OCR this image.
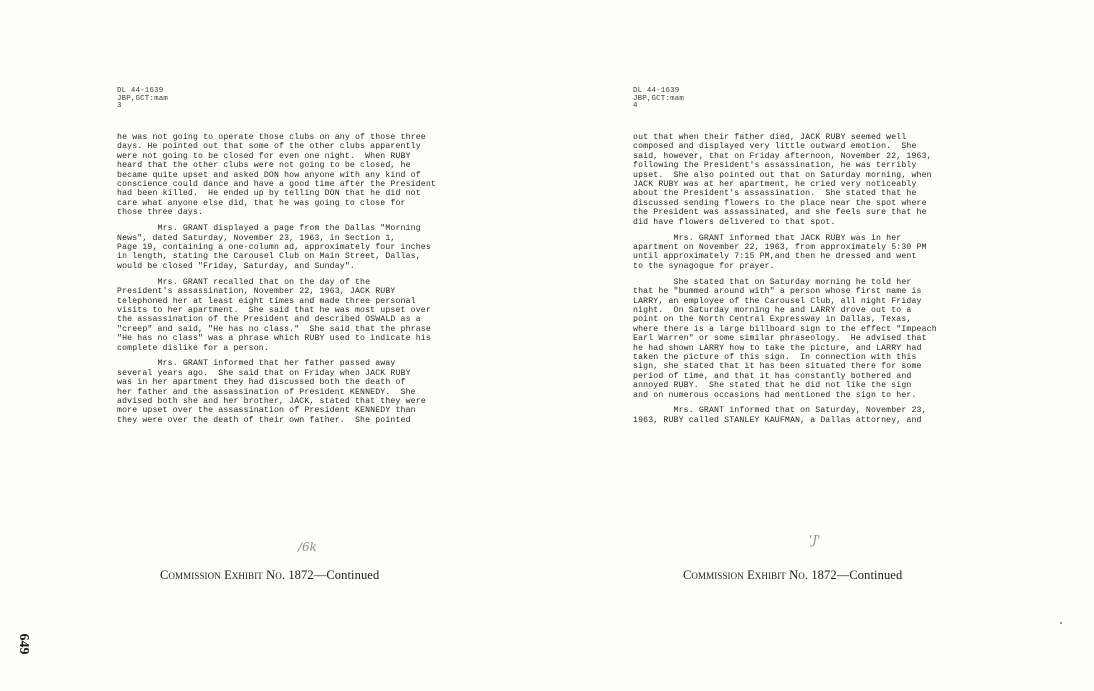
DL 44-1639
JBP,GCT:mam
3
he was not going to operate those clubs on any of those three
days. He pointed out that some of the other clubs apparently
were not going to be closed for even one night.  When RUBY
heard that the other clubs were not going to be closed, he
became quite upset and asked DON how anyone with any kind of
conscience could dance and have a good time after the President
had been killed.  He ended up by telling DON that he did not
care what anyone else did, that he was going to close for
those three days.
Mrs. GRANT displayed a page from the Dallas "Morning
News", dated Saturday, November 23, 1963, in Section 1,
Page 19, containing a one-column ad, approximately four inches
in length, stating the Carousel Club on Main Street, Dallas,
would be closed "Friday, Saturday, and Sunday".
Mrs. GRANT recalled that on the day of the
President's assassination, November 22, 1963, JACK RUBY
telephoned her at least eight times and made three personal
visits to her apartment.  She said that he was most upset over
the assassination of the President and described OSWALD as a
"creep" and said, "He has no class."  She said that the phrase
"He has no class" was a phrase which RUBY used to indicate his
complete dislike for a person.
Mrs. GRANT informed that her father passed away
several years ago.  She said that on Friday when JACK RUBY
was in her apartment they had discussed both the death of
her father and the assassination of President KENNEDY.  She
advised both she and her brother, JACK, stated that they were
more upset over the assassination of President KENNEDY than
they were over the death of their own father.  She pointed
/6k
Commission Exhibit No. 1872—Continued
DL 44-1639
JBP,GCT:mam
4
out that when their father died, JACK RUBY seemed well
composed and displayed very little outward emotion.  She
said, however, that on Friday afternoon, November 22, 1963,
following the President's assassination, he was terribly
upset.  She also pointed out that on Saturday morning, when
JACK RUBY was at her apartment, he cried very noticeably
about the President's assassination.  She stated that he
discussed sending flowers to the place near the spot where
the President was assassinated, and she feels sure that he
did have flowers delivered to that spot.
Mrs. GRANT informed that JACK RUBY was in her
apartment on November 22, 1963, from approximately 5:30 PM
until approximately 7:15 PM,and then he dressed and went
to the synagogue for prayer.
She stated that on Saturday morning he told her
that he "bummed around with" a person whose first name is
LARRY, an employee of the Carousel Club, all night Friday
night.  On Saturday morning he and LARRY drove out to a
point on the North Central Expressway in Dallas, Texas,
where there is a large billboard sign to the effect "Impeach
Earl Warren" or some similar phraseology.  He advised that
he had shown LARRY how to take the picture, and LARRY had
taken the picture of this sign.  In connection with this
sign, she stated that it has been situated there for some
period of time, and that it has constantly bothered and
annoyed RUBY.  She stated that he did not like the sign
and on numerous occasions had mentioned the sign to her.
Mrs. GRANT informed that on Saturday, November 23,
1963, RUBY called STANLEY KAUFMAN, a Dallas attorney, and
'J'
Commission Exhibit No. 1872—Continued
649
